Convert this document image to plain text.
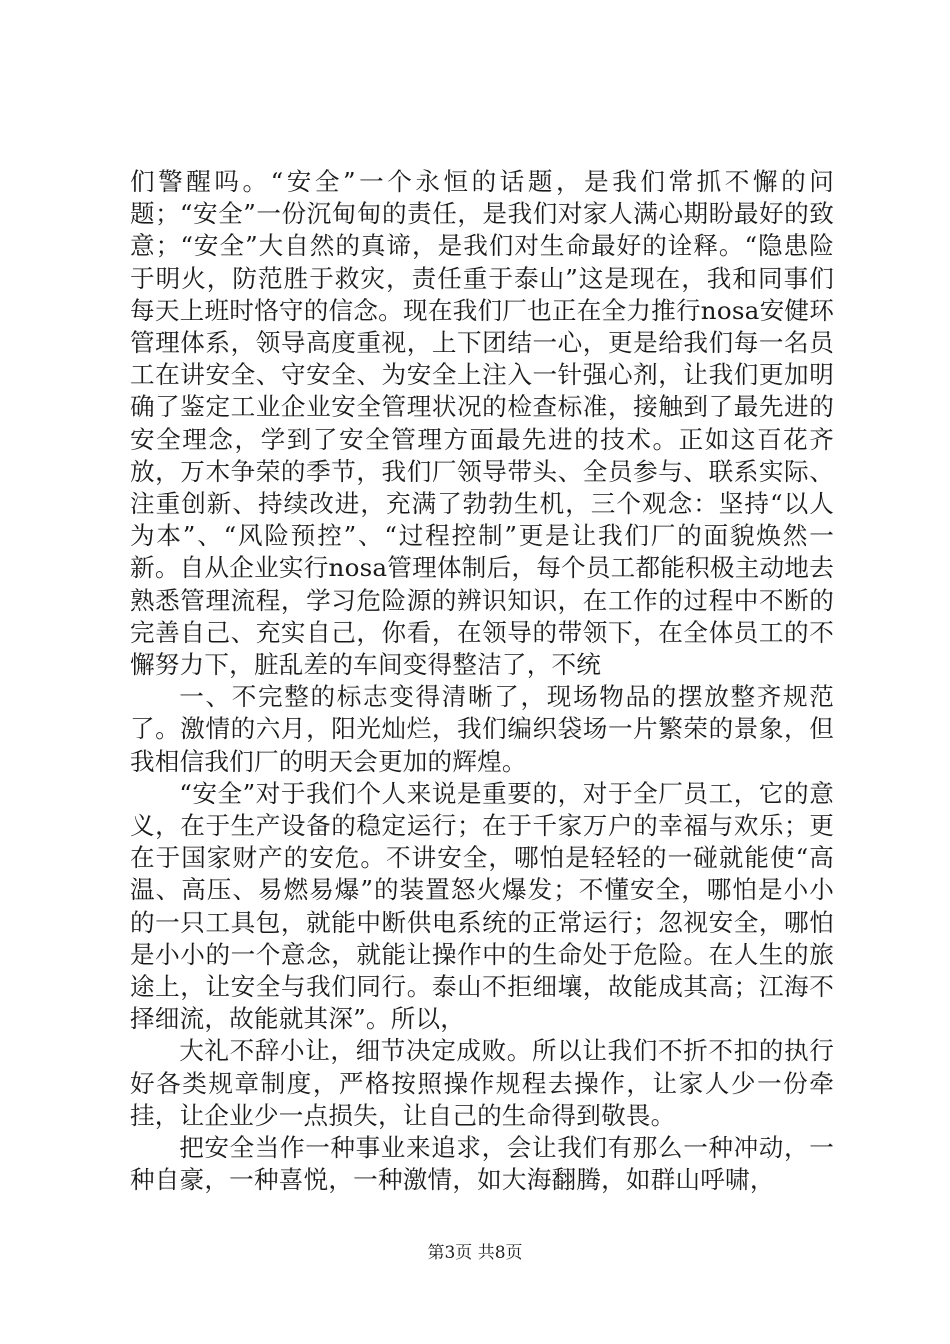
们警醒吗。“安全”一个永恒的话题，是我们常抓不懈的问题；“安全”一份沉甸甸的责任，是我们对家人满心期盼最好的致意；“安全”大自然的真谛，是我们对生命最好的诠释。“隐患险于明火，防范胜于救灾，责任重于泰山”这是现在，我和同事们每天上班时恪守的信念。现在我们厂也正在全力推行nosa安健环管理体系，领导高度重视，上下团结一心，更是给我们每一名员工在讲安全、守安全、为安全上注入一针强心剂，让我们更加明确了鉴定工业企业安全管理状况的检查标准，接触到了最先进的安全理念，学到了安全管理方面最先进的技术。正如这百花齐放，万木争荣的季节，我们厂领导带头、全员参与、联系实际、注重创新、持续改进，充满了勃勃生机，三个观念：坚持“以人为本”、“风险预控”、“过程控制”更是让我们厂的面貌焕然一新。自从企业实行nosa管理体制后，每个员工都能积极主动地去熟悉管理流程，学习危险源的辨识知识，在工作的过程中不断的完善自己、充实自己，你看，在领导的带领下，在全体员工的不懈努力下，脏乱差的车间变得整洁了，不统

一、不完整的标志变得清晰了，现场物品的摆放整齐规范了。激情的六月，阳光灿烂，我们编织袋场一片繁荣的景象，但我相信我们厂的明天会更加的辉煌。

“安全”对于我们个人来说是重要的，对于全厂员工，它的意义，在于生产设备的稳定运行；在于千家万户的幸福与欢乐；更在于国家财产的安危。不讲安全，哪怕是轻轻的一碰就能使“高温、高压、易燃易爆”的装置怒火爆发；不懂安全，哪怕是小小的一只工具包，就能中断供电系统的正常运行；忽视安全，哪怕是小小的一个意念，就能让操作中的生命处于危险。在人生的旅途上，让安全与我们同行。泰山不拒细壤，故能成其高；江海不择细流，故能就其深”。所以，

大礼不辞小让，细节决定成败。所以让我们不折不扣的执行好各类规章制度，严格按照操作规程去操作，让家人少一份牵挂，让企业少一点损失，让自己的生命得到敬畏。

把安全当作一种事业来追求，会让我们有那么一种冲动，一种自豪，一种喜悦，一种激情，如大海翻腾，如群山呼啸，

第3页 共8页
